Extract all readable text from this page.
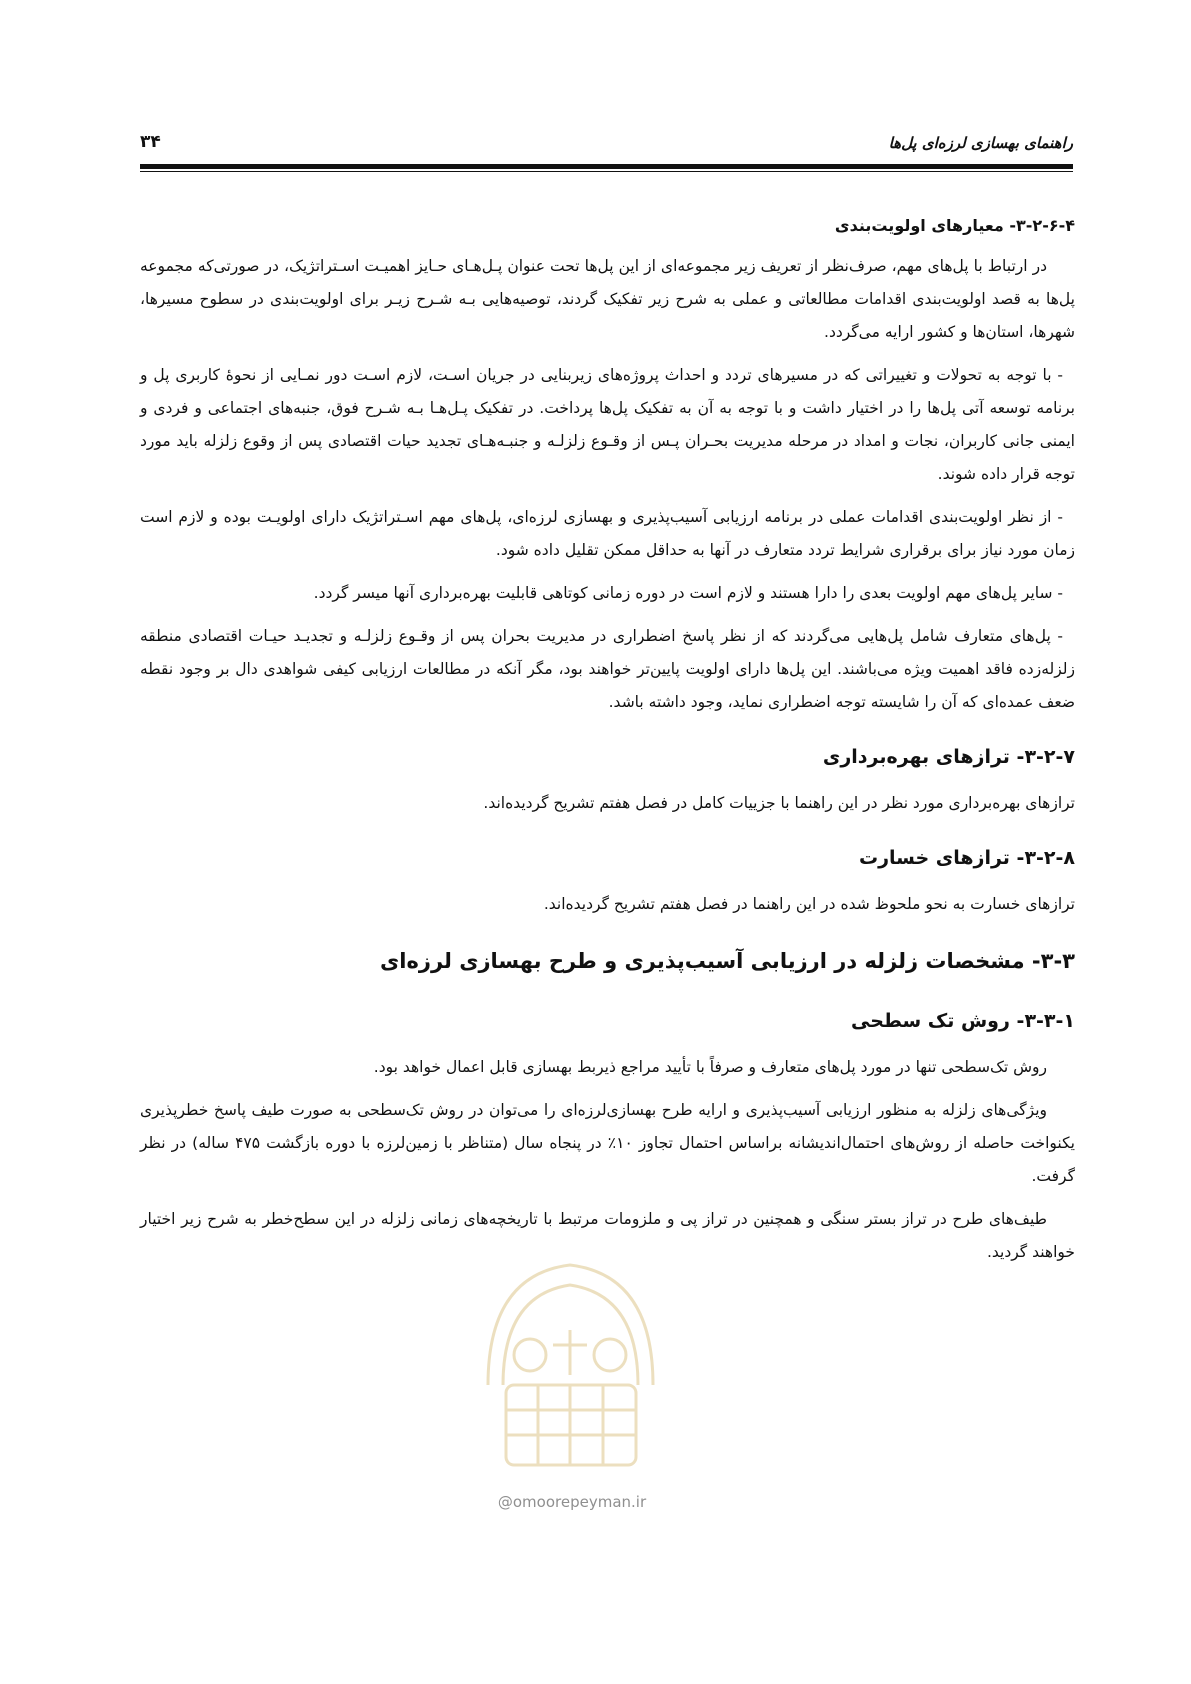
راهنمای بهسازی لرزه‌ای پل‌ها
۳۴
۳-۲-۶-۴- معیارهای اولویت‌بندی

در ارتباط با پل‌های مهم، صرف‌نظر از تعریف زیر مجموعه‌ای از این پل‌ها تحت عنوان پـل‌هـای حـایز اهمیـت اسـتراتژیک، در صورتی‌که مجموعه پل‌ها به قصد اولویت‌بندی اقدامات مطالعاتی و عملی به شرح زیر تفکیک گردند، توصیه‌هایی بـه شـرح زیـر برای اولویت‌بندی در سطوح مسیرها، شهرها، استان‌ها و کشور ارایه می‌گردد.

- با توجه به تحولات و تغییراتی که در مسیرهای تردد و احداث پروژه‌های زیربنایی در جریان اسـت، لازم اسـت دور نمـایی از نحوهٔ کاربری پل و برنامه توسعه آتی پل‌ها را در اختیار داشت و با توجه به آن به تفکیک پل‌ها پرداخت. در تفکیک پـل‌هـا بـه شـرح فوق، جنبه‌های اجتماعی و فردی و ایمنی جانی کاربران، نجات و امداد در مرحله مدیریت بحـران پـس از وقـوع زلزلـه و جنبـه‌هـای تجدید حیات اقتصادی پس از وقوع زلزله باید مورد توجه قرار داده شوند.

- از نظر اولویت‌بندی اقدامات عملی در برنامه ارزیابی آسیب‌پذیری و بهسازی لرزه‌ای، پل‌های مهم اسـتراتژیک دارای اولویـت بوده و لازم است زمان مورد نیاز برای برقراری شرایط تردد متعارف در آنها به حداقل ممکن تقلیل داده شود.

- سایر پل‌های مهم اولویت بعدی را دارا هستند و لازم است در دوره زمانی کوتاهی قابلیت بهره‌برداری آنها میسر گردد.

- پل‌های متعارف شامل پل‌هایی می‌گردند که از نظر پاسخ اضطراری در مدیریت بحران پس از وقـوع زلزلـه و تجدیـد حیـات اقتصادی منطقه زلزله‌زده فاقد اهمیت ویژه می‌باشند. این پل‌ها دارای اولویت پایین‌تر خواهند بود، مگر آنکه در مطالعات ارزیابی کیفی شواهدی دال بر وجود نقطه ضعف عمده‌ای که آن را شایسته توجه اضطراری نماید، وجود داشته باشد.

۳-۲-۷- ترازهای بهره‌برداری

ترازهای بهره‌برداری مورد نظر در این راهنما با جزییات کامل در فصل هفتم تشریح گردیده‌اند.

۳-۲-۸- ترازهای خسارت

ترازهای خسارت به نحو ملحوظ شده در این راهنما در فصل هفتم تشریح گردیده‌اند.

۳-۳- مشخصات زلزله در ارزیابی آسیب‌پذیری و طرح بهسازی لرزه‌ای
۳-۳-۱- روش تک سطحی

روش تک‌سطحی تنها در مورد پل‌های متعارف و صرفاً با تأیید مراجع ذیربط بهسازی قابل اعمال خواهد بود.

ویژگی‌های زلزله به منظور ارزیابی آسیب‌پذیری و ارایه طرح بهسازی‌لرزه‌ای را می‌توان در روش تک‌سطحی به صورت طیف پاسخ خطرپذیری یکنواخت حاصله از روش‌های احتمال‌اندیشانه براساس احتمال تجاوز ۱۰٪ در پنجاه سال (متناظر با زمین‌لرزه با دوره بازگشت ۴۷۵ ساله) در نظر گرفت.

طیف‌های طرح در تراز بستر سنگی و همچنین در تراز پی و ملزومات مرتبط با تاریخچه‌های زمانی زلزله در این سطح‌خطر به شرح زیر اختیار خواهند گردید.

@omoorepeyman.ir
